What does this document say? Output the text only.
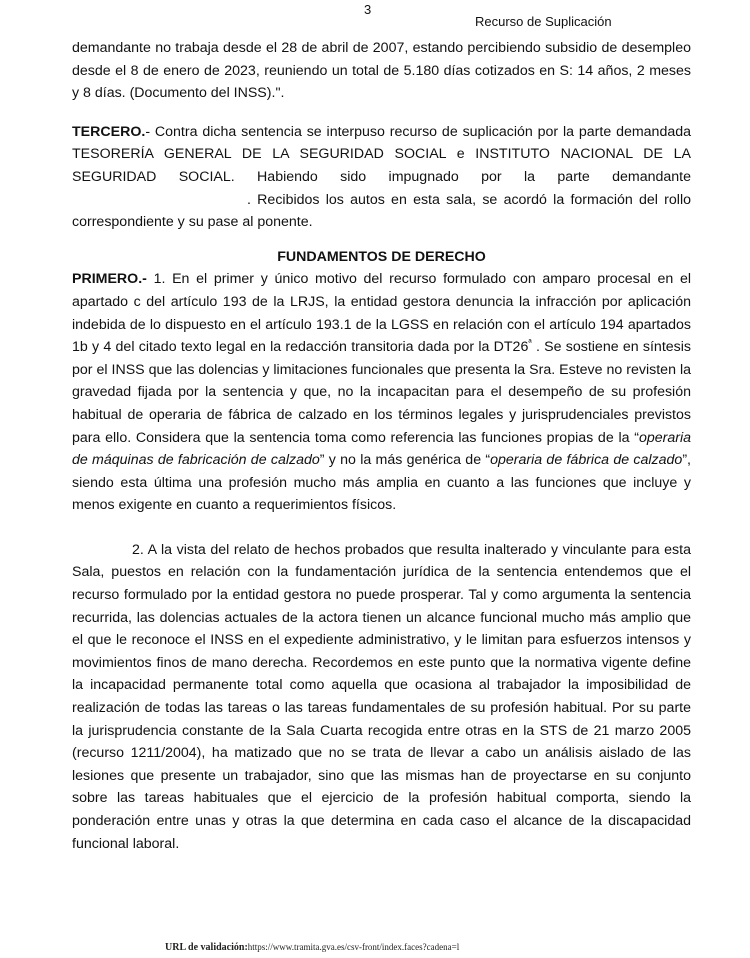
3
Recurso de Suplicación

demandante no trabaja desde el 28 de abril de 2007, estando percibiendo subsidio de desempleo desde el 8 de enero de 2023, reuniendo un total de 5.180 días cotizados en S: 14 años, 2 meses y 8 días. (Documento del INSS).".

TERCERO.- Contra dicha sentencia se interpuso recurso de suplicación por la parte demandada TESORERÍA GENERAL DE LA SEGURIDAD SOCIAL e INSTITUTO NACIONAL DE LA SEGURIDAD SOCIAL. Habiendo sido impugnado por la parte demandante. Recibidos los autos en esta sala, se acordó la formación del rollo correspondiente y su pase al ponente.

FUNDAMENTOS DE DERECHO

PRIMERO.- 1. En el primer y único motivo del recurso formulado con amparo procesal en el apartado c del artículo 193 de la LRJS, la entidad gestora denuncia la infracción por aplicación indebida de lo dispuesto en el artículo 193.1 de la LGSS en relación con el artículo 194 apartados 1b y 4 del citado texto legal en la redacción transitoria dada por la $DT26^ª$ . Se sostiene en síntesis por el INSS que las dolencias y limitaciones funcionales que presenta la Sra. Esteve no revisten la gravedad fijada por la sentencia y que, no la incapacitan para el desempeño de su profesión habitual de operaria de fábrica de calzado en los términos legales y jurisprudenciales previstos para ello. Considera que la sentencia toma como referencia las funciones propias de la “operaria de máquinas de fabricación de calzado” y no la más genérica de “operaria de fábrica de calzado”, siendo esta última una profesión mucho más amplia en cuanto a las funciones que incluye y menos exigente en cuanto a requerimientos físicos.

2. A la vista del relato de hechos probados que resulta inalterado y vinculante para esta Sala, puestos en relación con la fundamentación jurídica de la sentencia entendemos que el recurso formulado por la entidad gestora no puede prosperar. Tal y como argumenta la sentencia recurrida, las dolencias actuales de la actora tienen un alcance funcional mucho más amplio que el que le reconoce el INSS en el expediente administrativo, y le limitan para esfuerzos intensos y movimientos finos de mano derecha. Recordemos en este punto que la normativa vigente define la incapacidad permanente total como aquella que ocasiona al trabajador la imposibilidad de realización de todas las tareas o las tareas fundamentales de su profesión habitual. Por su parte la jurisprudencia constante de la Sala Cuarta recogida entre otras en la STS de 21 marzo 2005 (recurso 1211/2004), ha matizado que no se trata de llevar a cabo un análisis aislado de las lesiones que presente un trabajador, sino que las mismas han de proyectarse en su conjunto sobre las tareas habituales que el ejercicio de la profesión habitual comporta, siendo la ponderación entre unas y otras la que determina en cada caso el alcance de la discapacidad funcional laboral.

URL de validación:https://www.tramita.gva.es/csv-front/index.faces?cadena=l
